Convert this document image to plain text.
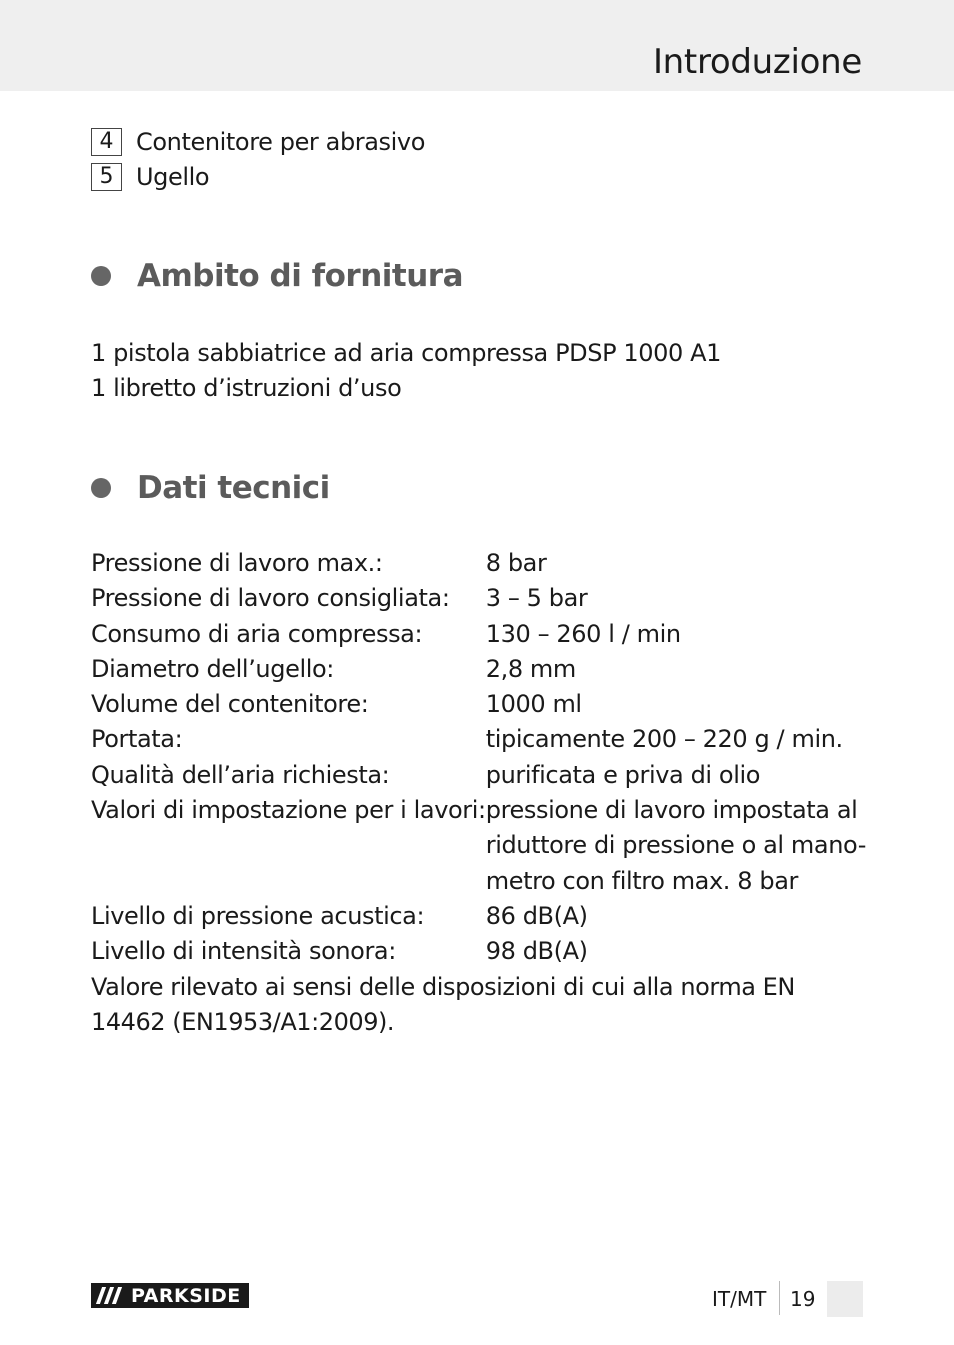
Introduzione
4 Contenitore per abrasivo
5 Ugello
Ambito di fornitura
1 pistola sabbiatrice ad aria compressa PDSP 1000 A1
1 libretto d’istruzioni d’uso
Dati tecnici
Pressione di lavoro max.:	8 bar
Pressione di lavoro consigliata:	3 – 5 bar
Consumo di aria compressa:	130 – 260 l / min
Diametro dell’ugello:	2,8 mm
Volume del contenitore:	1000 ml
Portata:	tipicamente 200 – 220 g / min.
Qualità dell’aria richiesta:	purificata e priva di olio
Valori di impostazione per i lavori:	pressione di lavoro impostata al
	riduttore di pressione o al mano-
	metro con filtro max. 8 bar
Livello di pressione acustica:	86 dB(A)
Livello di intensità sonora:	98 dB(A)
Valore rilevato ai sensi delle disposizioni di cui alla norma EN 14462 (EN1953/A1:2009).
PARKSIDE	IT/MT 19
